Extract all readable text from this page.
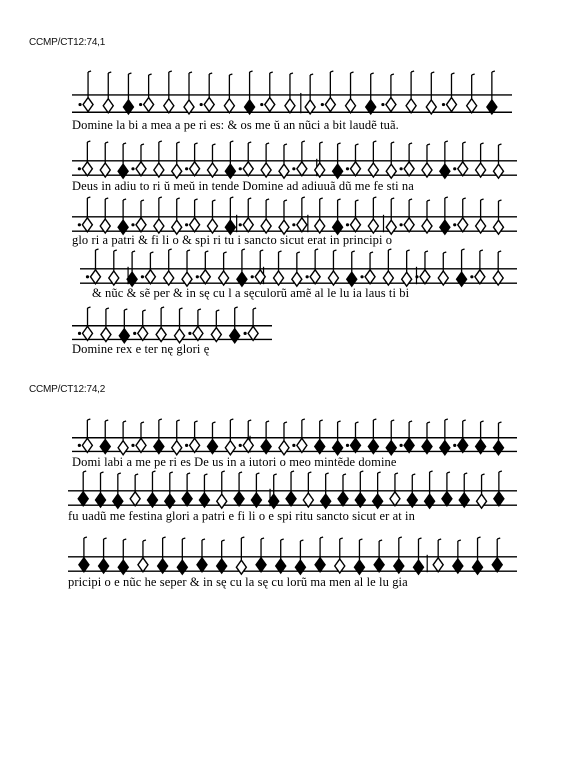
CCMP/CT12:74,1
Domine la bi a mea a pe ri es: & os me ŭ an nũci a bit laudẽ tuã.
Deus in adiu to ri ŭ meŭ in tende Domine ad adiuuã dũ me fe sti na
glo ri a patri & fi li o & spi ri tu i sancto sicut erat in principi o
& nũc & sẽ per & in sę cu l a sęculorũ amẽ al le lu ia laus ti bi
Domine rex e ter nę glori ę
CCMP/CT12:74,2
Domi labi a me pe ri es De us in a iutori o meo mintẽde domine
fu uadũ me festina glori a patri e fi li o e spi ritu sancto sicut er at in
pricipi o e nũc he seper & in sę cu la sę cu lorũ ma men al le lu gia
